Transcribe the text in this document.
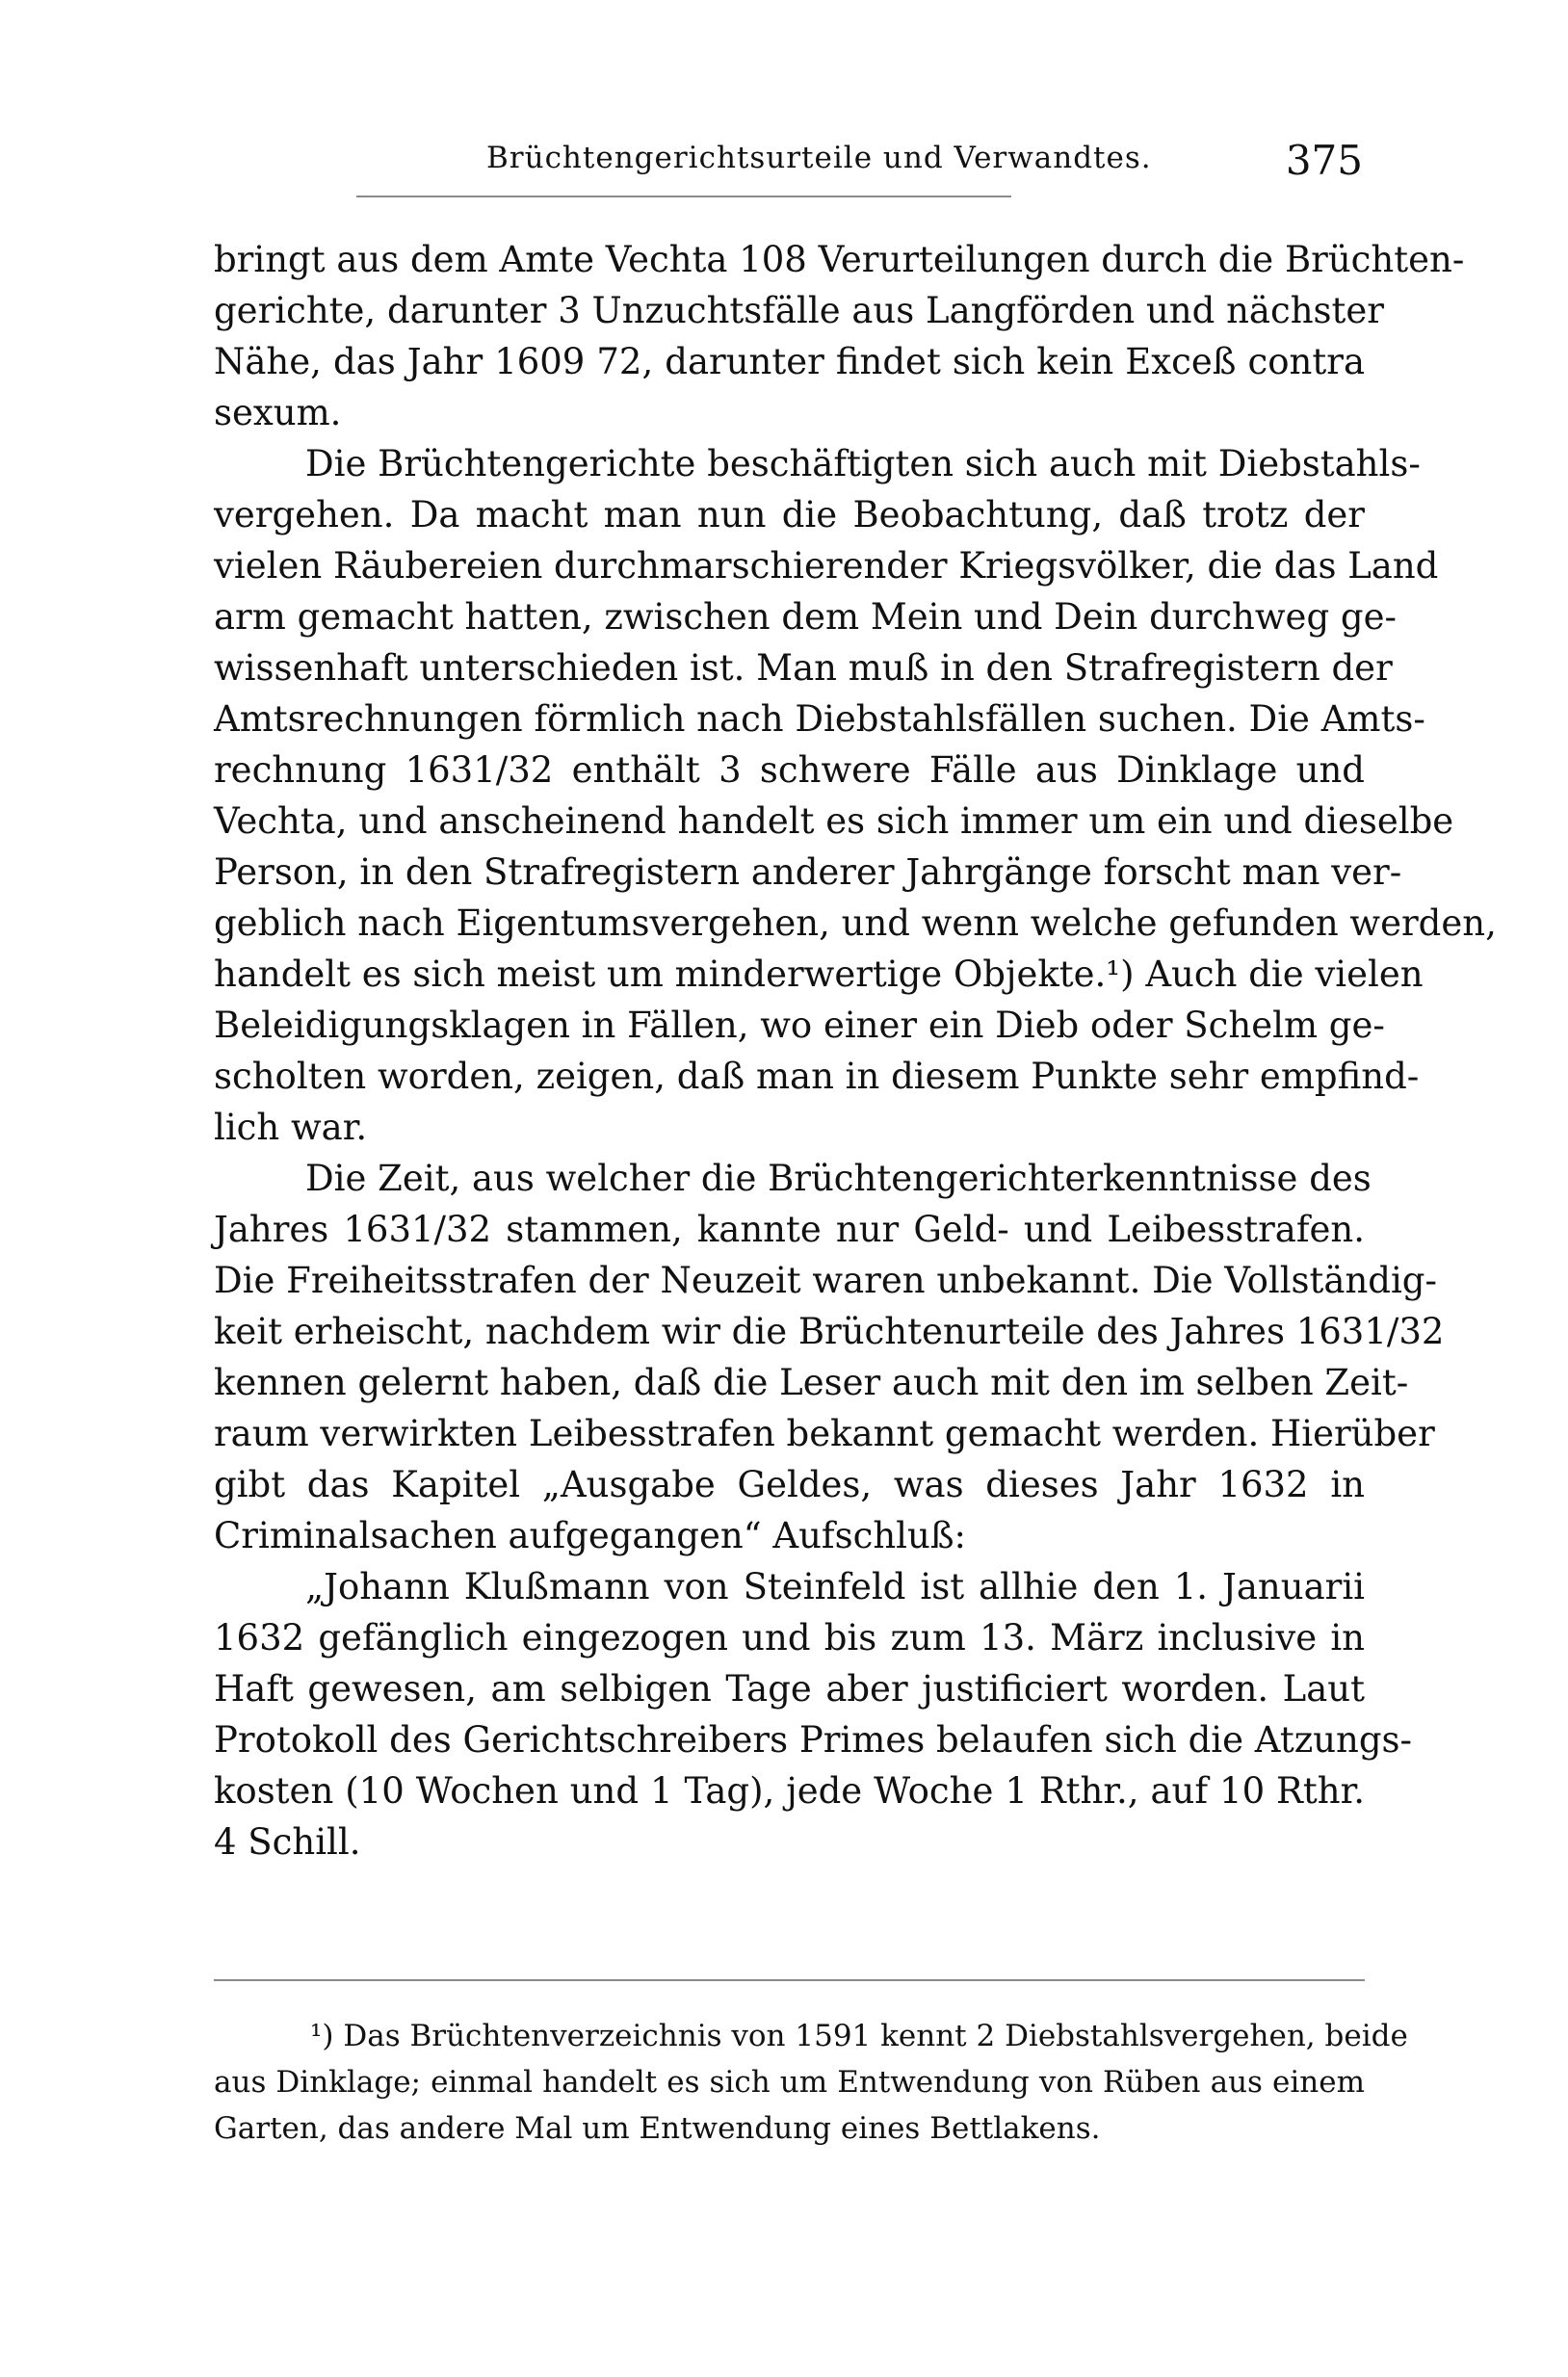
Brüchtengerichtsurteile und Verwandtes.	375
bringt aus dem Amte Vechta 108 Verurteilungen durch die Brüchten-
gerichte, darunter 3 Unzuchtsfälle aus Langförden und nächster
Nähe, das Jahr 1609 72, darunter findet sich kein Exceß contra
sexum.
Die Brüchtengerichte beschäftigten sich auch mit Diebstahls-
vergehen. Da macht man nun die Beobachtung, daß trotz der
vielen Räubereien durchmarschierender Kriegsvölker, die das Land
arm gemacht hatten, zwischen dem Mein und Dein durchweg ge-
wissenhaft unterschieden ist. Man muß in den Strafregistern der
Amtsrechnungen förmlich nach Diebstahlsfällen suchen. Die Amts-
rechnung 1631/32 enthält 3 schwere Fälle aus Dinklage und
Vechta, und anscheinend handelt es sich immer um ein und dieselbe
Person, in den Strafregistern anderer Jahrgänge forscht man ver-
geblich nach Eigentumsvergehen, und wenn welche gefunden werden,
handelt es sich meist um minderwertige Objekte.¹) Auch die vielen
Beleidigungsklagen in Fällen, wo einer ein Dieb oder Schelm ge-
scholten worden, zeigen, daß man in diesem Punkte sehr empfind-
lich war.
Die Zeit, aus welcher die Brüchtengerichterkenntnisse des
Jahres 1631/32 stammen, kannte nur Geld- und Leibesstrafen.
Die Freiheitsstrafen der Neuzeit waren unbekannt. Die Vollständig-
keit erheischt, nachdem wir die Brüchtenurteile des Jahres 1631/32
kennen gelernt haben, daß die Leser auch mit den im selben Zeit-
raum verwirkten Leibesstrafen bekannt gemacht werden. Hierüber
gibt das Kapitel „Ausgabe Geldes, was dieses Jahr 1632 in
Criminalsachen aufgegangen“ Aufschluß:
„Johann Klußmann von Steinfeld ist allhie den 1. Januarii
1632 gefänglich eingezogen und bis zum 13. März inclusive in
Haft gewesen, am selbigen Tage aber justificiert worden. Laut
Protokoll des Gerichtschreibers Primes belaufen sich die Atzungs-
kosten (10 Wochen und 1 Tag), jede Woche 1 Rthr., auf 10 Rthr.
4 Schill.
¹) Das Brüchtenverzeichnis von 1591 kennt 2 Diebstahlsvergehen, beide
aus Dinklage; einmal handelt es sich um Entwendung von Rüben aus einem
Garten, das andere Mal um Entwendung eines Bettlakens.
